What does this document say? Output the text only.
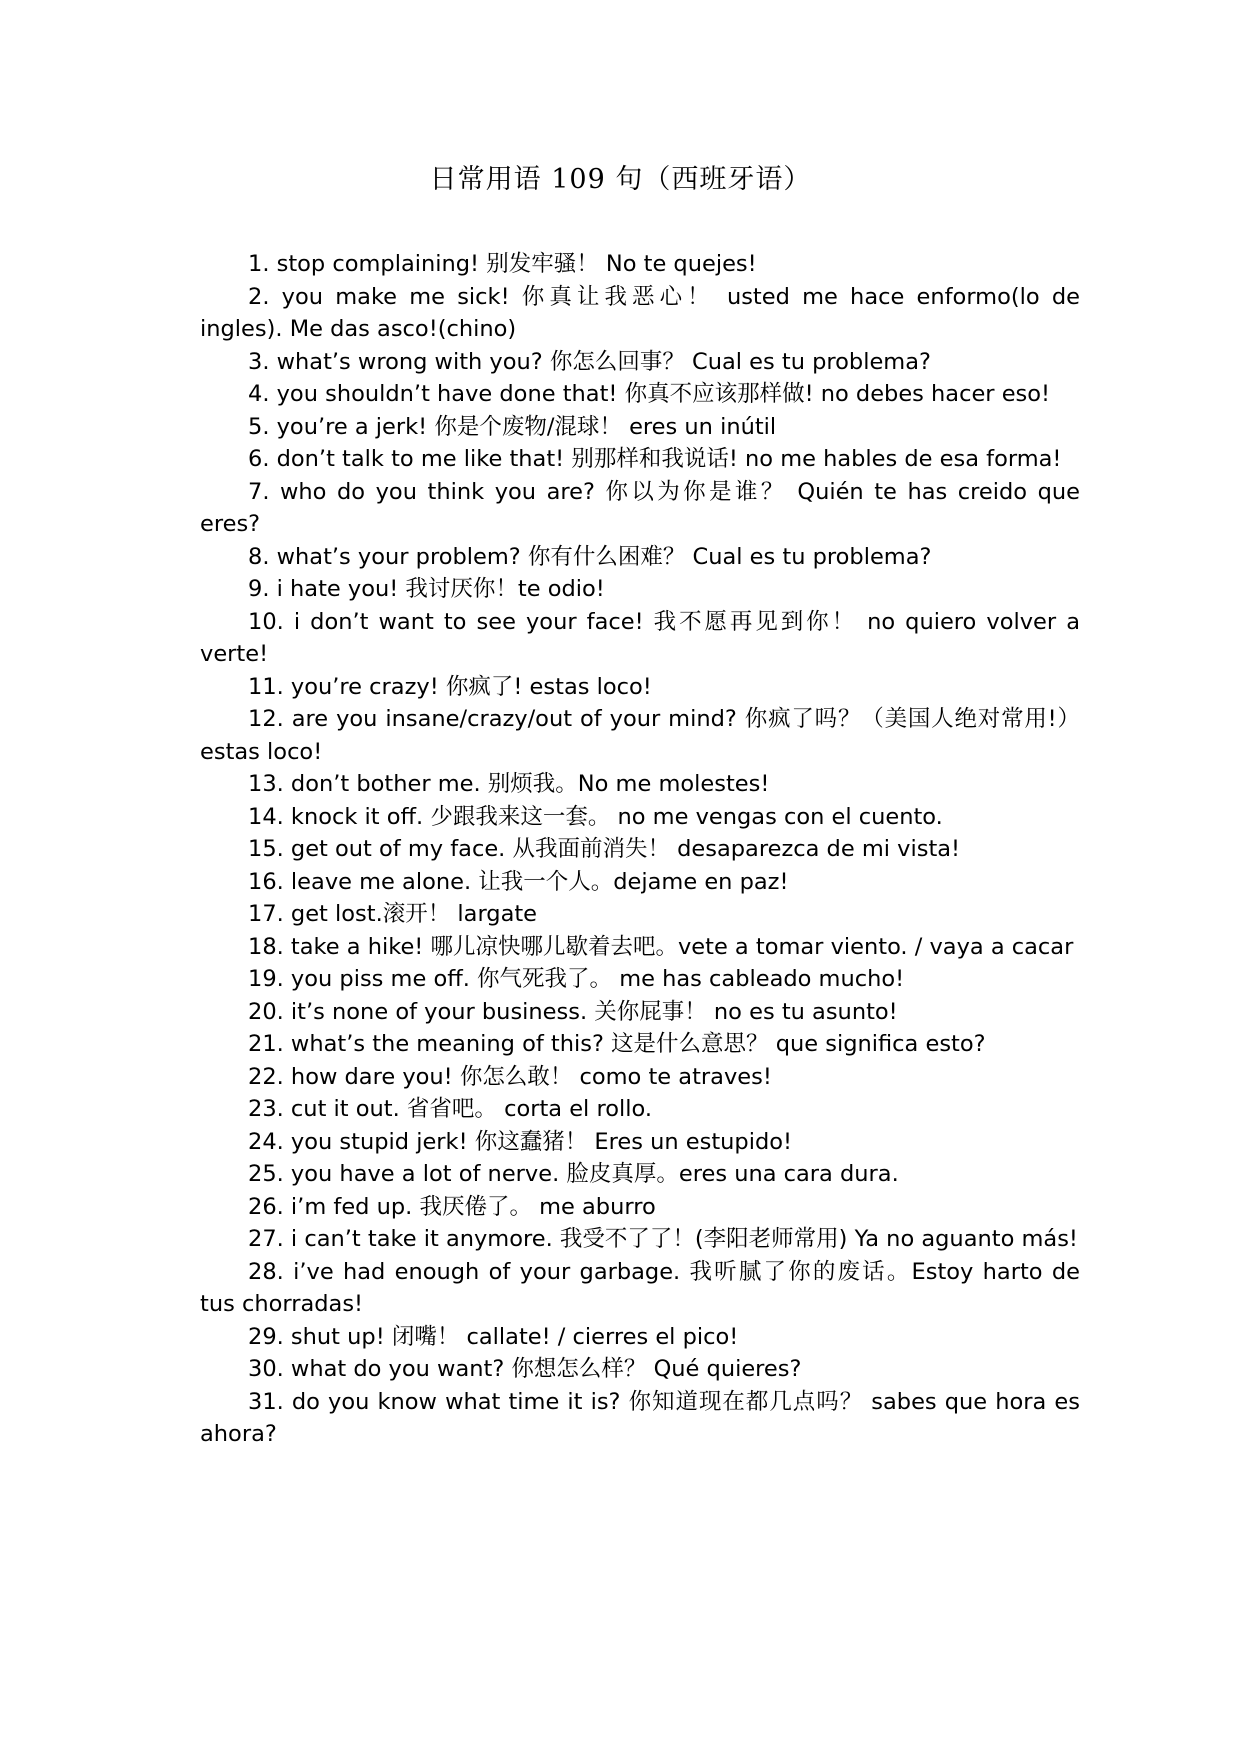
日常用语 109 句（西班牙语）

1. stop complaining! 别发牢骚！ No te quejes!

2. you make me sick! 你真让我恶心！ usted me hace enformo(lo de ingles). Me das asco!(chino)

3. what’s wrong with you? 你怎么回事？ Cual es tu problema?

4. you shouldn’t have done that! 你真不应该那样做! no debes hacer eso!

5. you’re a jerk! 你是个废物/混球！ eres un inútil

6. don’t talk to me like that! 别那样和我说话! no me hables de esa forma!

7. who do you think you are? 你以为你是谁？ Quién te has creido que eres?

8. what’s your problem? 你有什么困难？ Cual es tu problema?

9. i hate you! 我讨厌你！te odio!

10. i don’t want to see your face! 我不愿再见到你！ no quiero volver a verte!

11. you’re crazy! 你疯了! estas loco!

12. are you insane/crazy/out of your mind? 你疯了吗？（美国人绝对常用!）estas loco!

13. don’t bother me. 别烦我。No me molestes!

14. knock it off. 少跟我来这一套。 no me vengas con el cuento.

15. get out of my face. 从我面前消失！ desaparezca de mi vista!

16. leave me alone. 让我一个人。dejame en paz!

17. get lost.滚开！ largate

18. take a hike! 哪儿凉快哪儿歇着去吧。vete a tomar viento. / vaya a cacar

19. you piss me off. 你气死我了。 me has cableado mucho!

20. it’s none of your business. 关你屁事！ no es tu asunto!

21. what’s the meaning of this? 这是什么意思？ que significa esto?

22. how dare you! 你怎么敢！ como te atraves!

23. cut it out. 省省吧。 corta el rollo.

24. you stupid jerk! 你这蠢猪！ Eres un estupido!

25. you have a lot of nerve. 脸皮真厚。eres una cara dura.

26. i’m fed up. 我厌倦了。 me aburro

27. i can’t take it anymore. 我受不了了！(李阳老师常用) Ya no aguanto más!

28. i’ve had enough of your garbage. 我听腻了你的废话。Estoy harto de tus chorradas!

29. shut up! 闭嘴！ callate! / cierres el pico!

30. what do you want? 你想怎么样？ Qué quieres?

31. do you know what time it is? 你知道现在都几点吗？ sabes que hora es ahora?
